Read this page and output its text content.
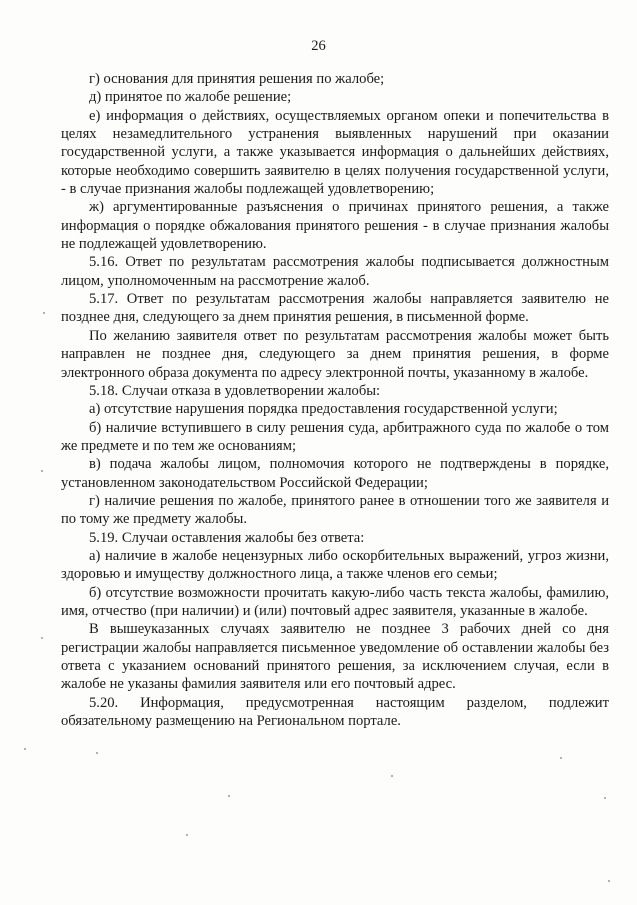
26

г) основания для принятия решения по жалобе;

д) принятое по жалобе решение;

е) информация о действиях, осуществляемых органом опеки и попечительства в целях незамедлительного устранения выявленных нарушений при оказании государственной услуги, а также указывается информация о дальнейших действиях, которые необходимо совершить заявителю в целях получения государственной услуги, - в случае признания жалобы подлежащей удовлетворению;

ж) аргументированные разъяснения о причинах принятого решения, а также информация о порядке обжалования принятого решения - в случае признания жалобы не подлежащей удовлетворению.

5.16. Ответ по результатам рассмотрения жалобы подписывается должностным лицом, уполномоченным на рассмотрение жалоб.

5.17. Ответ по результатам рассмотрения жалобы направляется заявителю не позднее дня, следующего за днем принятия решения, в письменной форме.

По желанию заявителя ответ по результатам рассмотрения жалобы может быть направлен не позднее дня, следующего за днем принятия решения, в форме электронного образа документа по адресу электронной почты, указанному в жалобе.

5.18. Случаи отказа в удовлетворении жалобы:

а) отсутствие нарушения порядка предоставления государственной услуги;

б) наличие вступившего в силу решения суда, арбитражного суда по жалобе о том же предмете и по тем же основаниям;

в) подача жалобы лицом, полномочия которого не подтверждены в порядке, установленном законодательством Российской Федерации;

г) наличие решения по жалобе, принятого ранее в отношении того же заявителя и по тому же предмету жалобы.

5.19. Случаи оставления жалобы без ответа:

а) наличие в жалобе нецензурных либо оскорбительных выражений, угроз жизни, здоровью и имуществу должностного лица, а также членов его семьи;

б) отсутствие возможности прочитать какую-либо часть текста жалобы, фамилию, имя, отчество (при наличии) и (или) почтовый адрес заявителя, указанные в жалобе.

В вышеуказанных случаях заявителю не позднее 3 рабочих дней со дня регистрации жалобы направляется письменное уведомление об оставлении жалобы без ответа с указанием оснований принятого решения, за исключением случая, если в жалобе не указаны фамилия заявителя или его почтовый адрес.

5.20. Информация, предусмотренная настоящим разделом, подлежит обязательному размещению на Региональном портале.
